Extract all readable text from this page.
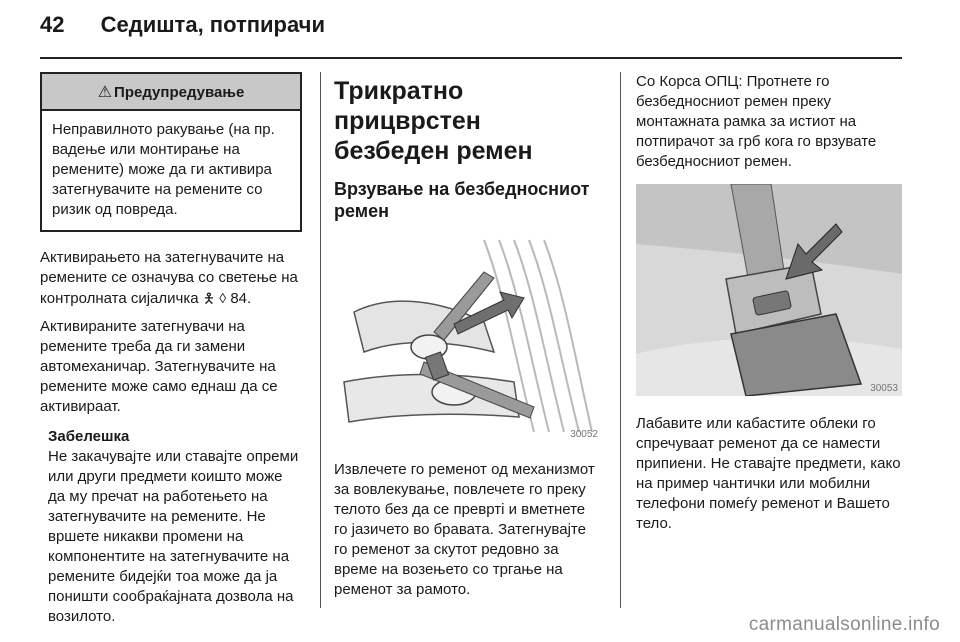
42 Седишта, потпирачи
⚠ Предупредување
Неправилното ракување (на пр. вадење или монтирање на ремените) може да ги активира затегнувачите на ремените со ризик од повреда.

Активирањето на затегнувачите на ремените се означува со светење на контролната сијаличка 🯅 ◊ 84.

Активираните затегнувачи на ремените треба да ги замени автомеханичар. Затегнувачите на ремените може само еднаш да се активираат.

Забелешка

Не закачувајте или ставајте опреми или други предмети коишто може да му пречат на работењето на затегнувачите на ремените. Не вршете никакви промени на компонентите на затегнувачите на ремените бидејќи тоа може да ја поништи сообраќајната дозвола на возилото.

Трикратно прицврстен безбеден ремен
Врзување на безбедносниот ремен
30052

Извлечете го ременот од механизмот за вовлекување, повлечете го преку телото без да се превртi и вметнете го јазичето во бравата. Затегнувајте го ременот за скутот редовно за време на возењето со тргање на ременот за рамото.

Со Корса ОПЦ: Протнете го безбедносниот ремен преку монтажната рамка за истиот на потпирачот за грб кога го врзувате безбедносниот ремен.

30053

Лабавите или кабастите облеки го спречуваат ременот да се намести припиени. Не ставајте предмети, како на пример чантички или мобилни телефони помеѓу ременот и Вашето тело.

carmanualsonline.info
